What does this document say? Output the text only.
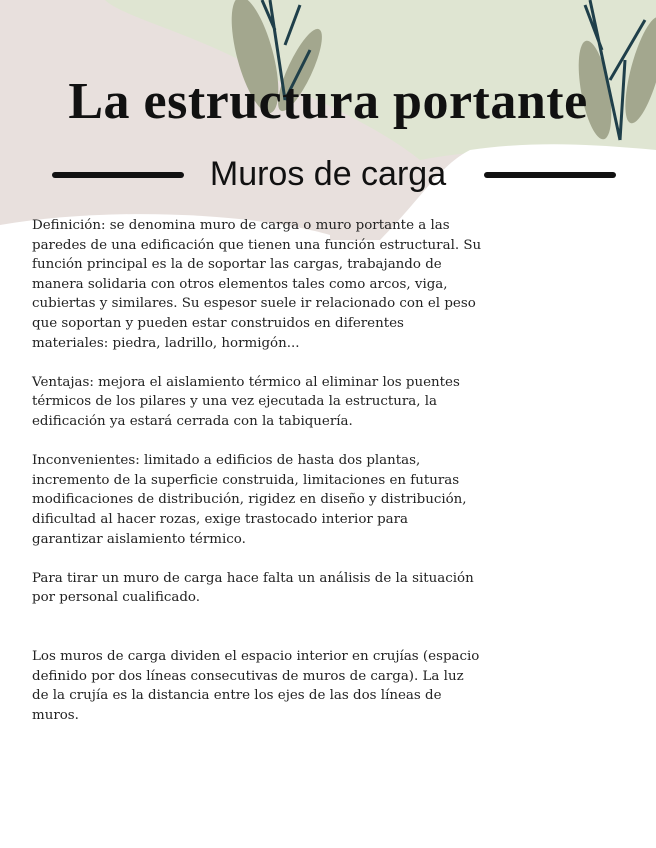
La estructura portante
Muros de carga

Definición: se denomina muro de carga o muro portante a las
paredes de una edificación que tienen una función estructural. Su
función principal es la de soportar las cargas, trabajando de
manera solidaria con otros elementos tales como arcos, viga,
cubiertas y similares. Su espesor suele ir relacionado con el peso
que soportan y pueden estar construidos en diferentes
materiales: piedra, ladrillo, hormigón...

Ventajas: mejora el aislamiento térmico al eliminar los puentes
térmicos de los pilares y una vez ejecutada la estructura, la
edificación ya estará cerrada con la tabiquería.

Inconvenientes: limitado a edificios de hasta dos plantas,
incremento de la superficie construida, limitaciones en futuras
modificaciones de distribución, rigidez en diseño y distribución,
dificultad al hacer rozas, exige trastocado interior para
garantizar aislamiento térmico.

Para tirar un muro de carga hace falta un análisis de la situación
por personal cualificado.

Los muros de carga dividen el espacio interior en crujías (espacio
definido por dos líneas consecutivas de muros de carga). La luz
de la crujía es la distancia entre los ejes de las dos líneas de
muros.
